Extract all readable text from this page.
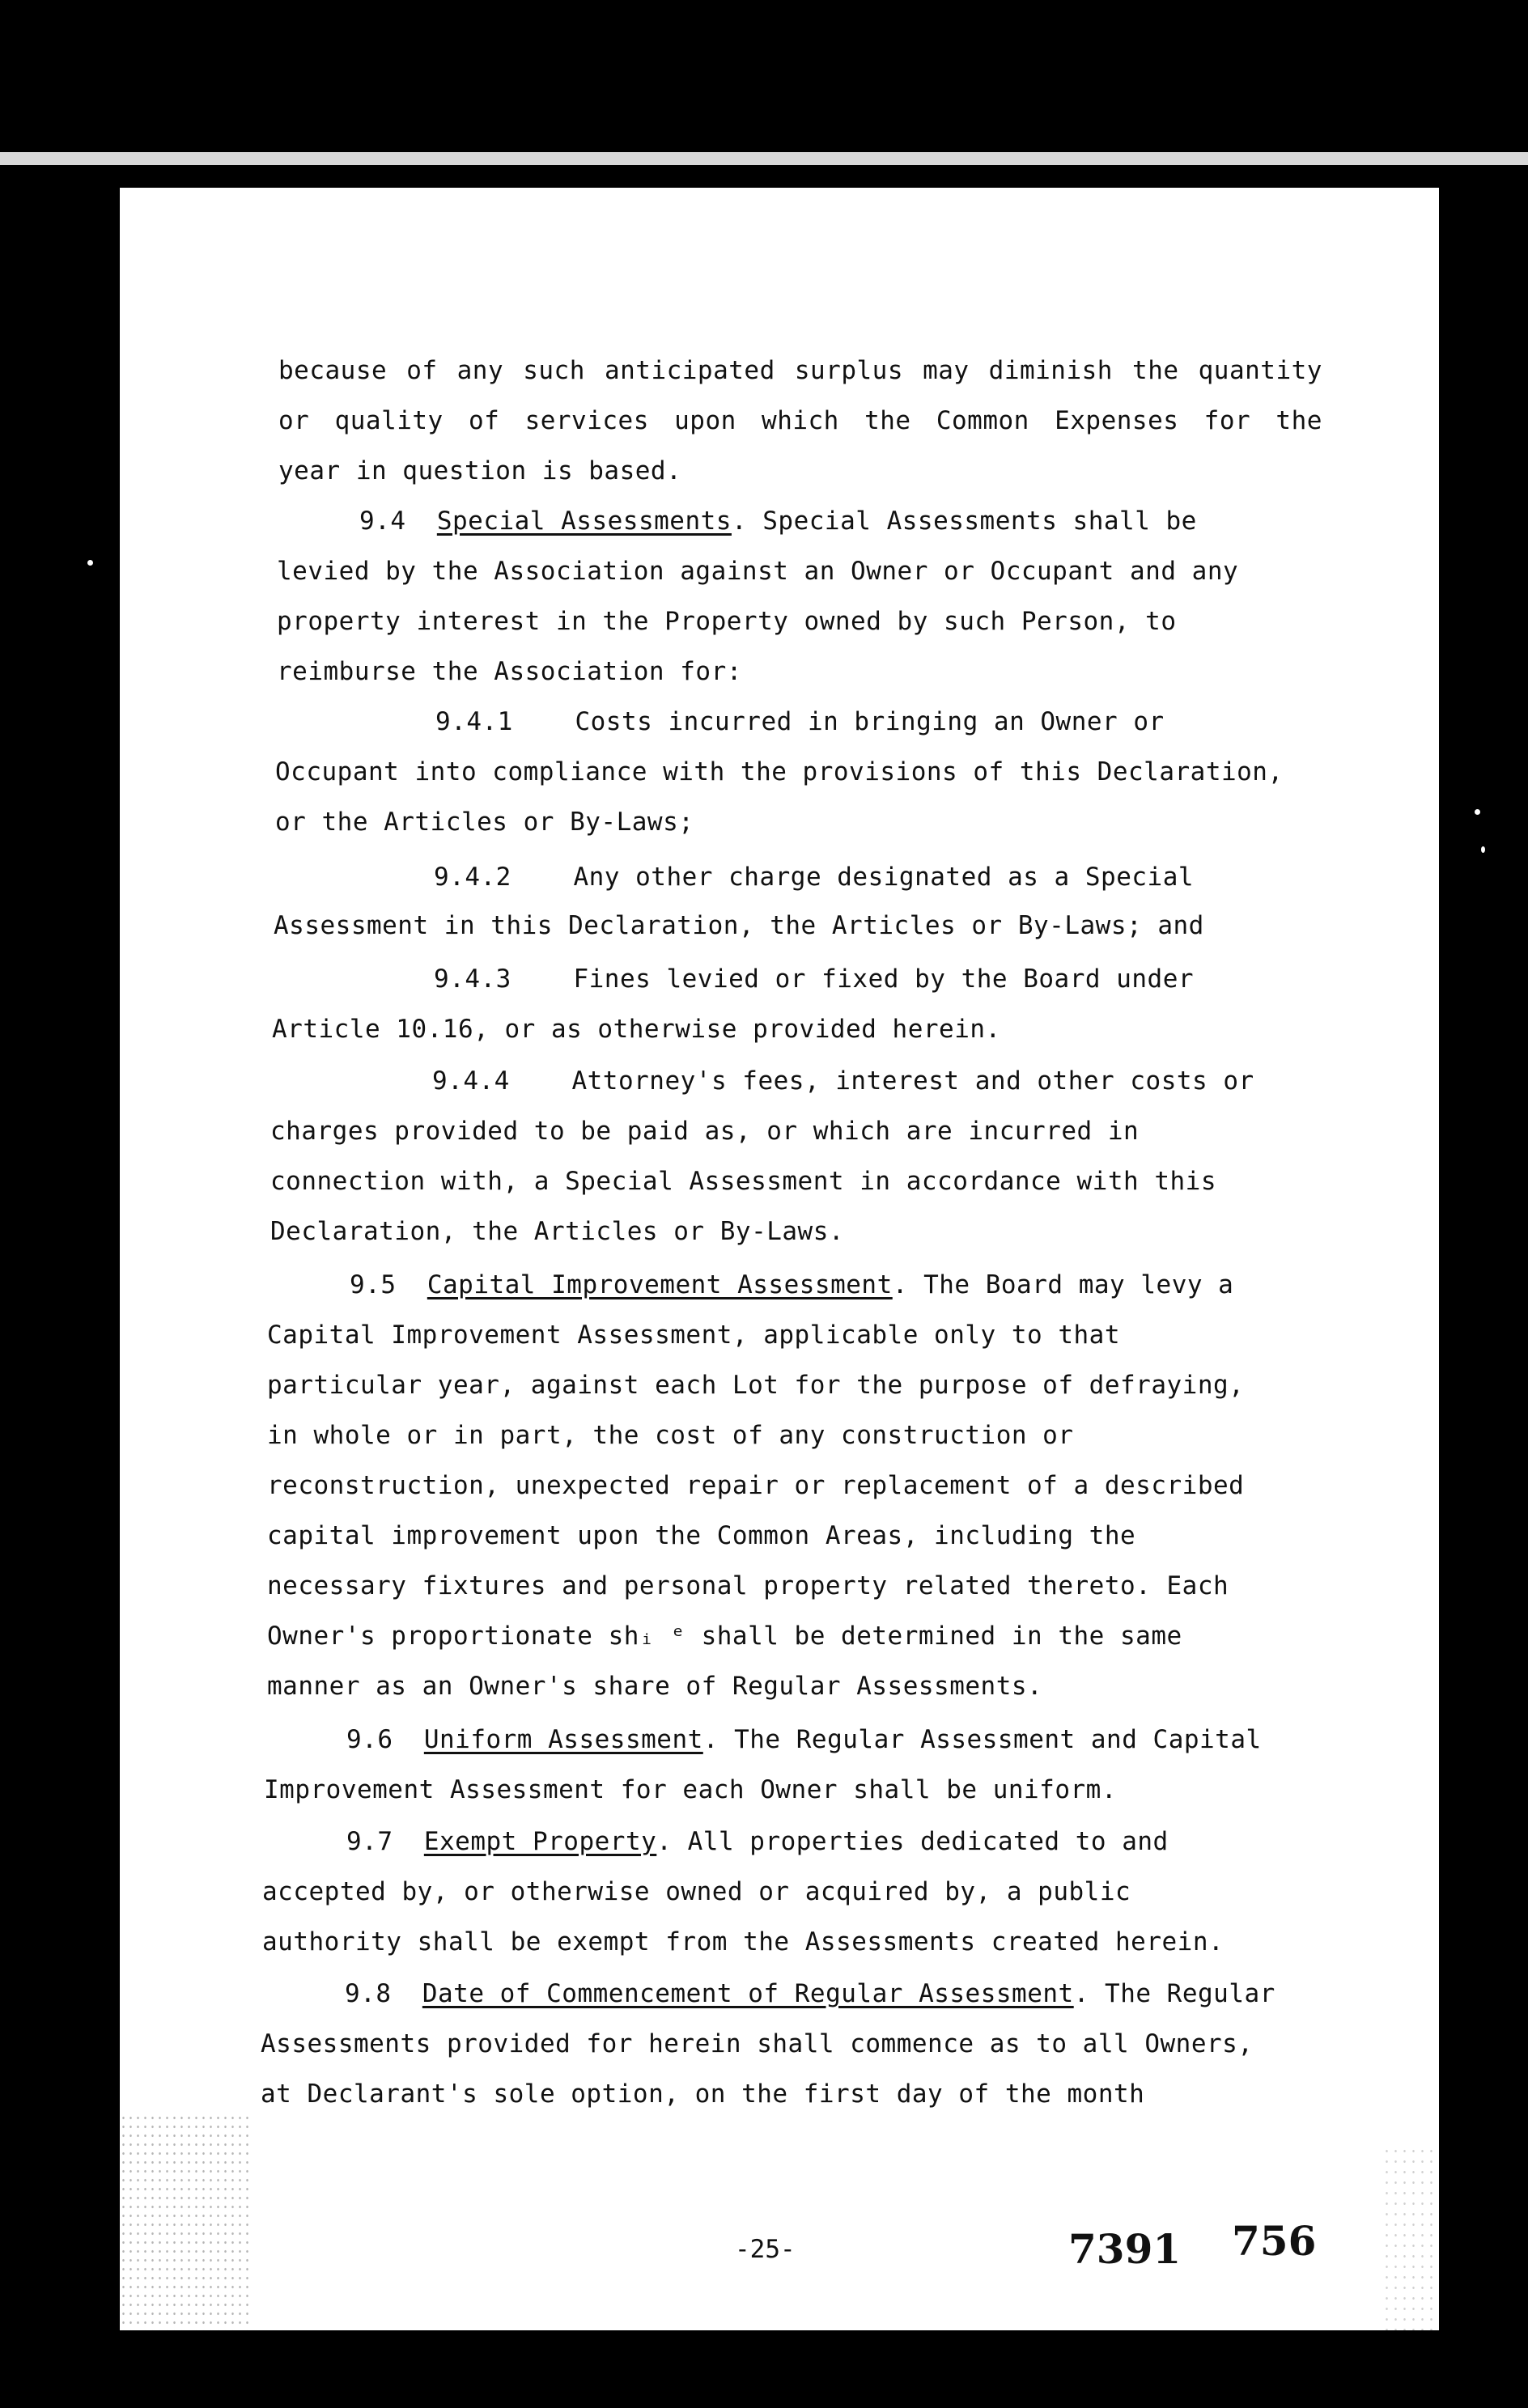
because of any such anticipated surplus may diminish the quantity
or quality of services upon which the Common Expenses for the
year in question is based.
9.4 Special Assessments. Special Assessments shall be
levied by the Association against an Owner or Occupant and any
property interest in the Property owned by such Person, to
reimburse the Association for:
9.4.1 Costs incurred in bringing an Owner or
Occupant into compliance with the provisions of this Declaration,
or the Articles or By-Laws;
9.4.2 Any other charge designated as a Special
Assessment in this Declaration, the Articles or By-Laws; and
9.4.3 Fines levied or fixed by the Board under
Article 10.16, or as otherwise provided herein.
9.4.4 Attorney's fees, interest and other costs or
charges provided to be paid as, or which are incurred in
connection with, a Special Assessment in accordance with this
Declaration, the Articles or By-Laws.
9.5 Capital Improvement Assessment. The Board may levy a
Capital Improvement Assessment, applicable only to that
particular year, against each Lot for the purpose of defraying,
in whole or in part, the cost of any construction or
reconstruction, unexpected repair or replacement of a described
capital improvement upon the Common Areas, including the
necessary fixtures and personal property related thereto. Each
Owner's proportionate shᵢ ᵉ shall be determined in the same
manner as an Owner's share of Regular Assessments.
9.6 Uniform Assessment. The Regular Assessment and Capital
Improvement Assessment for each Owner shall be uniform.
9.7 Exempt Property. All properties dedicated to and
accepted by, or otherwise owned or acquired by, a public
authority shall be exempt from the Assessments created herein.
9.8 Date of Commencement of Regular Assessment. The Regular
Assessments provided for herein shall commence as to all Owners,
at Declarant's sole option, on the first day of the month
-25-	7391 756
